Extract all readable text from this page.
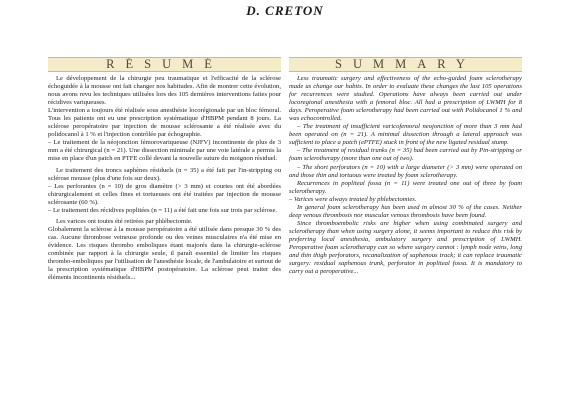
D. CRETON
RÉSUMÉ	SUMMARY

Le développement de la chirurgie peu traumatique et l'efficacité de la sclérose échoguidée à la mousse ont fait changer nos habitudes. Afin de montrer cette évolution, nous avons revu les techniques utilisées lors des 105 dernières interventions faites pour récidives variqueuses.

L'intervention a toujours été réalisée sous anesthésie locorégionale par un bloc fémoral. Tous les patients ont eu une prescription systématique d'HBPM pendant 8 jours. La sclérose peropératoire par injection de mousse sclérosante a été réalisée avec du polidocanol à 1 % et l'injection contrôlée par échographie.

– Le traitement de la néojonction fémorovariqueuse (NJFV) incontinente de plus de 3 mm a été chirurgical (n = 21). Une dissection minimale par une voie latérale a permis la mise en place d'un patch en PTFE collé devant la nouvelle suture du moignon résiduel.

Le traitement des troncs saphènes résiduels (n = 35) a été fait par l'in-stripping ou sclérose mousse (plus d'une fois sur deux).

– Les perforantes (n = 10) de gros diamètre (> 3 mm) et courtes ont été abordées chirurgicalement et celles fines et tortueuses ont été traitées par injection de mousse sclérosante (60 %).

– Le traitement des récidives poplitées (n = 11) a été fait une fois sur trois par sclérose.

Les varices ont toutes été retirées par phlébectomie.

Globalement la sclérose à la mousse peropératoire a été utilisée dans presque 30 % des cas. Aucune thrombose veineuse profonde ou des veines musculaires n'a été mise en évidence. Les risques thrombo emboliques étant majorés dans la chirurgie-sclérose combinée par rapport à la chirurgie seule, il paraît essentiel de limiter les risques thrombo-emboliques par l'utilisation de l'anesthésie locale, de l'ambulatoire et surtout de la prescription systématique d'HBPM postopératoire. La sclérose peut traiter des éléments incontinents résiduels...

Less traumatic surgery and effectiveness of the echo-guided foam sclerotherapy made us change our habits. In order to evaluate these changes the last 105 operations for recurrences were studied. Operations have always been carried out under locoregional anesthesia with a femoral bloc. All had a prescription of LWMH for 8 days. Peroperative foam sclerotherapy had been carried out with Polidocanol 1 % and was echocontrolled.

– The treatment of insufficient varicofemoral neojonction of more than 3 mm had been operated on (n = 21). A minimal dissection through a lateral approach was sufficient to place a patch (ePTFE) stuck in front of the new ligated residual stump.

– The treatment of residual trunks (n = 35) had been carried out by Pin-stripping or foam sclerotherapy (more than one out of two).

– The short perforators (n = 10) with a large diameter (> 3 mm) were operated on and those thin and tortuous were treated by foam sclerotherapy.

Recurrences in popliteal fossa (n = 11) were treated one out of three by foam sclerotherapy.

– Varices were always treated by phlebectomies.

In general foam sclerotherapy has been used in almost 30 % of the cases. Neither deep venous thrombosis nor muscular venous thrombosis have been found.

Since thromboembolic risks are higher when using combinated surgery and sclerotherapy than when using surgery alone, it seems important to reduce this risk by preferring local anesthesia, ambulatory surgery and prescription of LWMH. Peroperative foam sclerotherapy can so where surgery cannot : lymph node veins, long and thin thigh perforators, recanalization of saphenous track; it can replace traumatic surgery: residual saphenous trunk, perforator in popliteal fossa. It is mandatory to carry out a peroperative...
